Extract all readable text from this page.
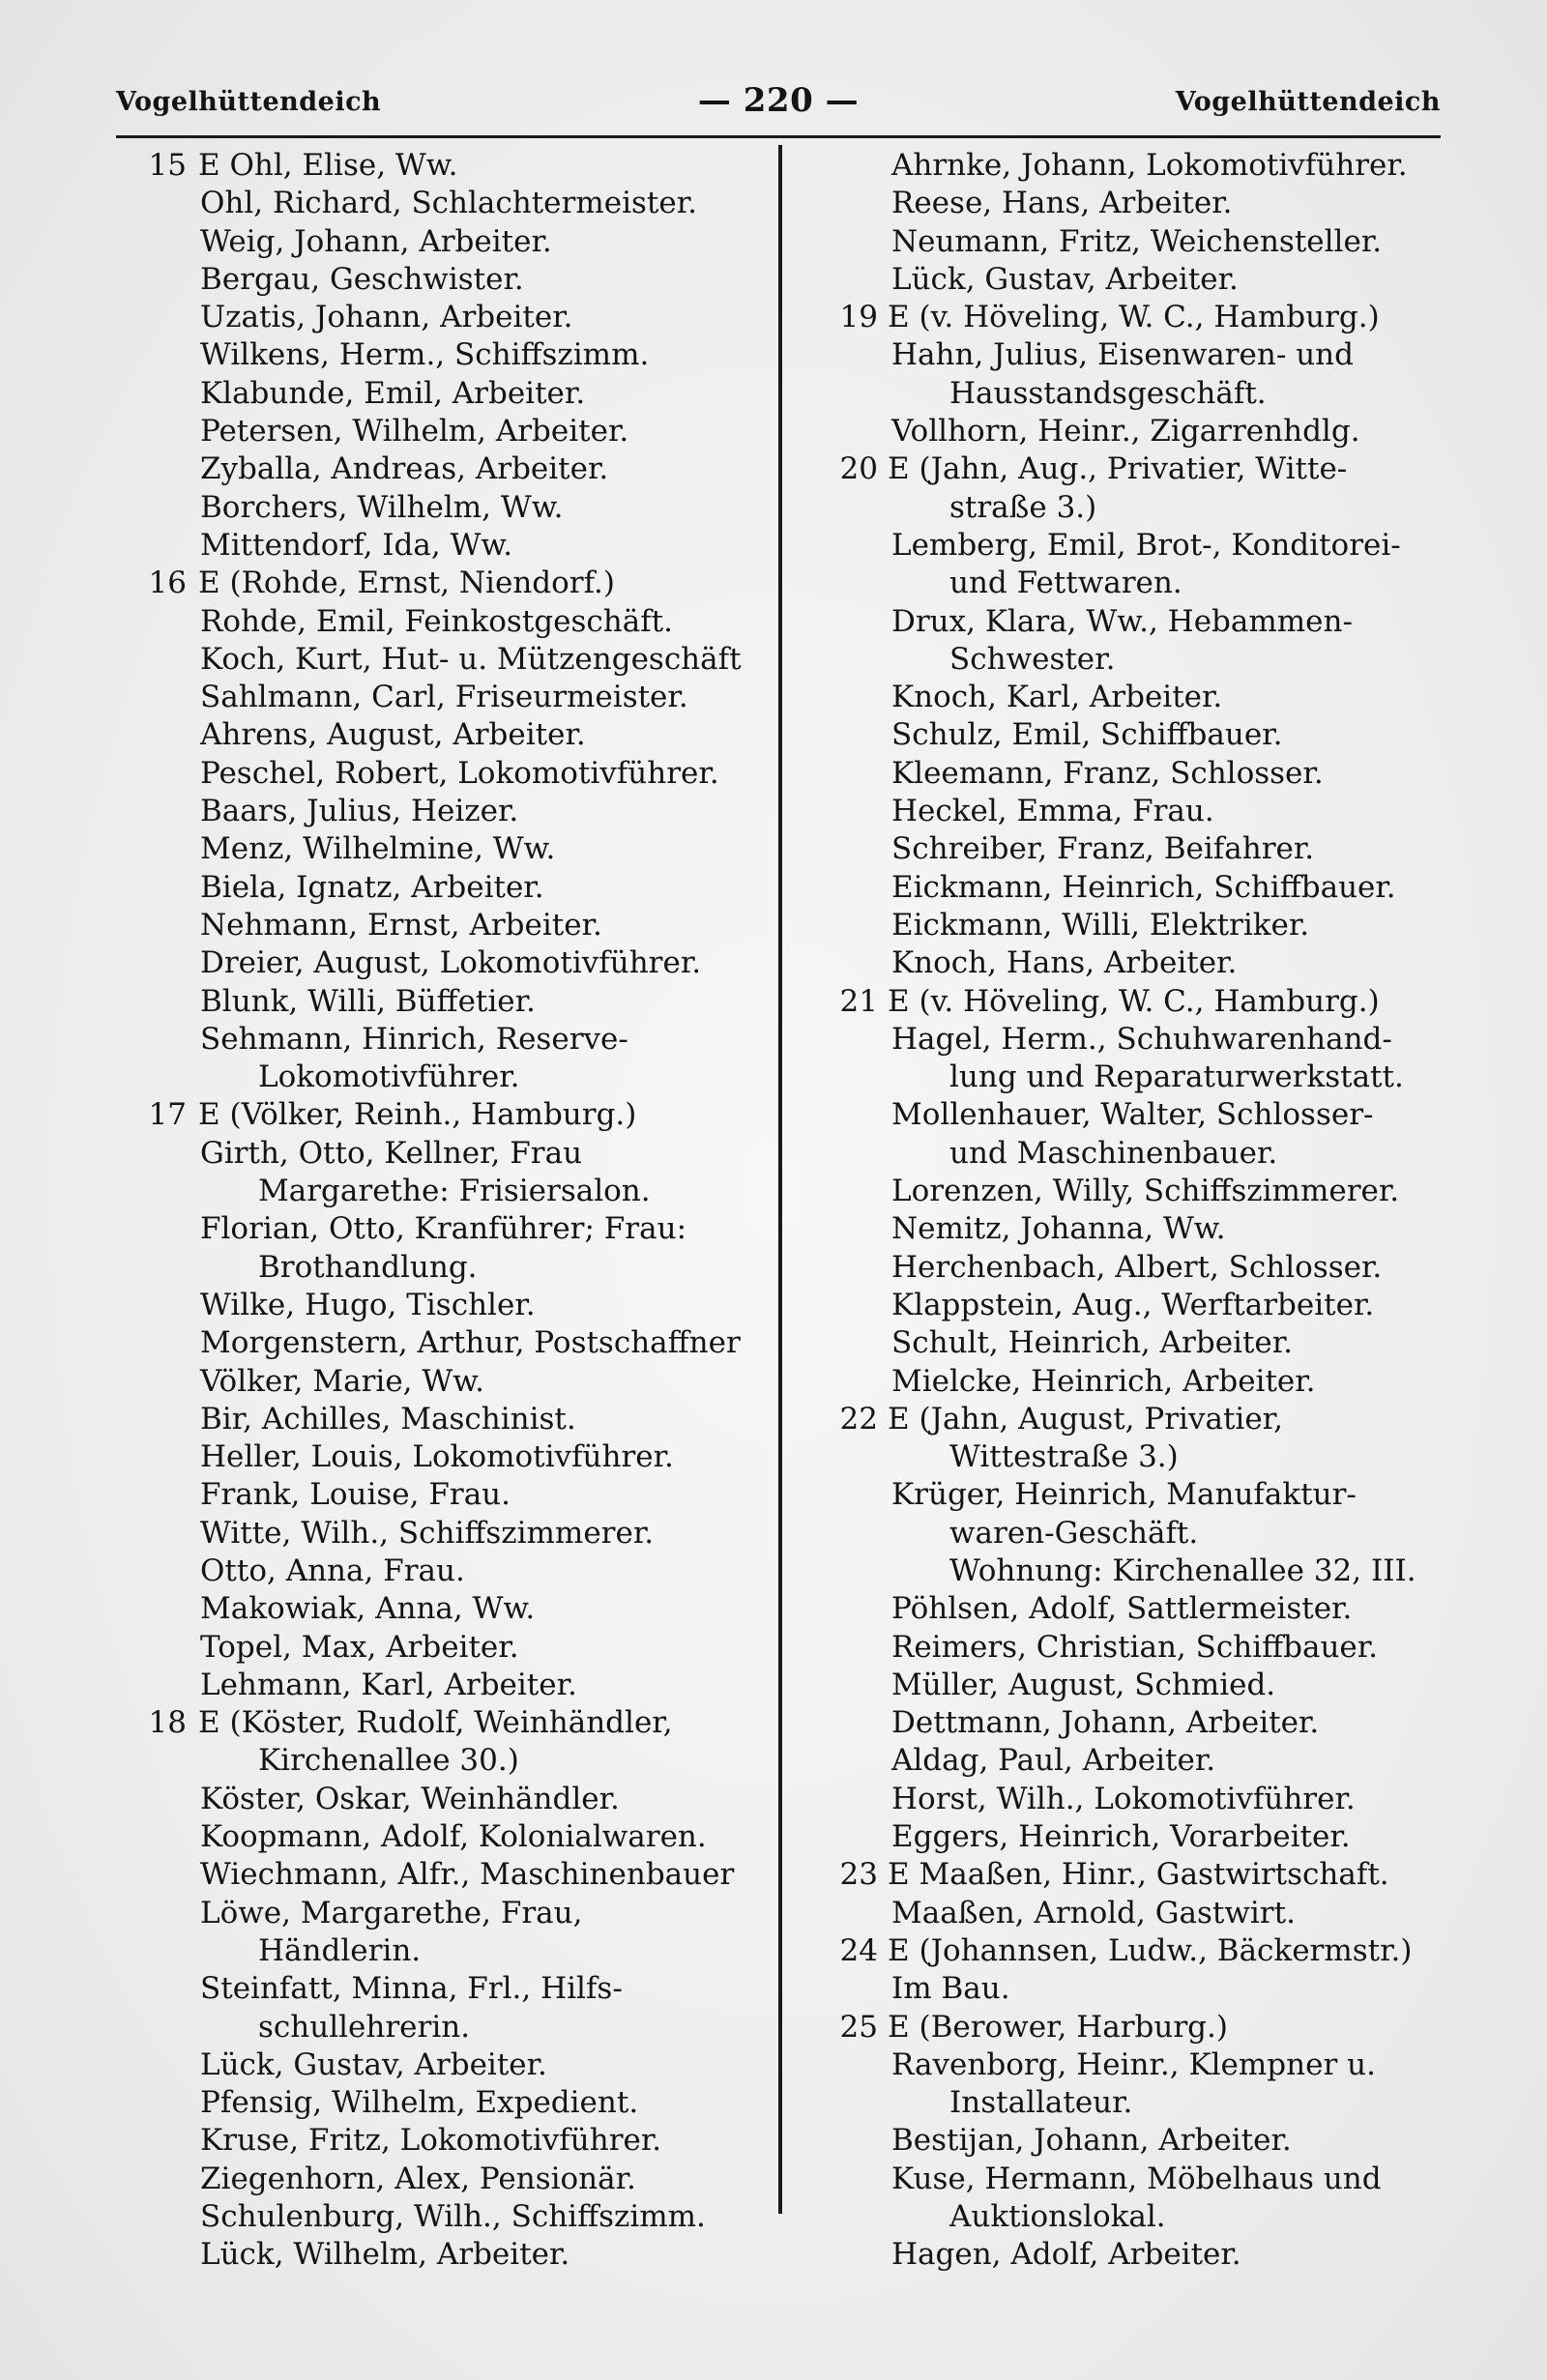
Vogelhüttendeich	— 220 —	Vogelhüttendeich
15 E Ohl, Elise, Ww.
Ohl, Richard, Schlachtermeister.
Weig, Johann, Arbeiter.
Bergau, Geschwister.
Uzatis, Johann, Arbeiter.
Wilkens, Herm., Schiffszimm.
Klabunde, Emil, Arbeiter.
Petersen, Wilhelm, Arbeiter.
Zyballa, Andreas, Arbeiter.
Borchers, Wilhelm, Ww.
Mittendorf, Ida, Ww.
16 E (Rohde, Ernst, Niendorf.)
Rohde, Emil, Feinkostgeschäft.
Koch, Kurt, Hut- u. Mützengeschäft
Sahlmann, Carl, Friseurmeister.
Ahrens, August, Arbeiter.
Peschel, Robert, Lokomotivführer.
Baars, Julius, Heizer.
Menz, Wilhelmine, Ww.
Biela, Ignatz, Arbeiter.
Nehmann, Ernst, Arbeiter.
Dreier, August, Lokomotivführer.
Blunk, Willi, Büffetier.
Sehmann, Hinrich, Reserve-
Lokomotivführer.
17 E (Völker, Reinh., Hamburg.)
Girth, Otto, Kellner, Frau
Margarethe: Frisiersalon.
Florian, Otto, Kranführer; Frau:
Brothandlung.
Wilke, Hugo, Tischler.
Morgenstern, Arthur, Postschaffner
Völker, Marie, Ww.
Bir, Achilles, Maschinist.
Heller, Louis, Lokomotivführer.
Frank, Louise, Frau.
Witte, Wilh., Schiffszimmerer.
Otto, Anna, Frau.
Makowiak, Anna, Ww.
Topel, Max, Arbeiter.
Lehmann, Karl, Arbeiter.
18 E (Köster, Rudolf, Weinhändler,
Kirchenallee 30.)
Köster, Oskar, Weinhändler.
Koopmann, Adolf, Kolonialwaren.
Wiechmann, Alfr., Maschinenbauer
Löwe, Margarethe, Frau,
Händlerin.
Steinfatt, Minna, Frl., Hilfs-
schullehrerin.
Lück, Gustav, Arbeiter.
Pfensig, Wilhelm, Expedient.
Kruse, Fritz, Lokomotivführer.
Ziegenhorn, Alex, Pensionär.
Schulenburg, Wilh., Schiffszimm.
Lück, Wilhelm, Arbeiter.
Ahrnke, Johann, Lokomotivführer.
Reese, Hans, Arbeiter.
Neumann, Fritz, Weichensteller.
Lück, Gustav, Arbeiter.
19 E (v. Höveling, W. C., Hamburg.)
Hahn, Julius, Eisenwaren- und
Hausstandsgeschäft.
Vollhorn, Heinr., Zigarrenhdlg.
20 E (Jahn, Aug., Privatier, Witte-
straße 3.)
Lemberg, Emil, Brot-, Konditorei-
und Fettwaren.
Drux, Klara, Ww., Hebammen-
Schwester.
Knoch, Karl, Arbeiter.
Schulz, Emil, Schiffbauer.
Kleemann, Franz, Schlosser.
Heckel, Emma, Frau.
Schreiber, Franz, Beifahrer.
Eickmann, Heinrich, Schiffbauer.
Eickmann, Willi, Elektriker.
Knoch, Hans, Arbeiter.
21 E (v. Höveling, W. C., Hamburg.)
Hagel, Herm., Schuhwarenhand-
lung und Reparaturwerkstatt.
Mollenhauer, Walter, Schlosser-
und Maschinenbauer.
Lorenzen, Willy, Schiffszimmerer.
Nemitz, Johanna, Ww.
Herchenbach, Albert, Schlosser.
Klappstein, Aug., Werftarbeiter.
Schult, Heinrich, Arbeiter.
Mielcke, Heinrich, Arbeiter.
22 E (Jahn, August, Privatier,
Wittestraße 3.)
Krüger, Heinrich, Manufaktur-
waren-Geschäft.
Wohnung: Kirchenallee 32, III.
Pöhlsen, Adolf, Sattlermeister.
Reimers, Christian, Schiffbauer.
Müller, August, Schmied.
Dettmann, Johann, Arbeiter.
Aldag, Paul, Arbeiter.
Horst, Wilh., Lokomotivführer.
Eggers, Heinrich, Vorarbeiter.
23 E Maaßen, Hinr., Gastwirtschaft.
Maaßen, Arnold, Gastwirt.
24 E (Johannsen, Ludw., Bäckermstr.)
Im Bau.
25 E (Berower, Harburg.)
Ravenborg, Heinr., Klempner u.
Installateur.
Bestijan, Johann, Arbeiter.
Kuse, Hermann, Möbelhaus und
Auktionslokal.
Hagen, Adolf, Arbeiter.
